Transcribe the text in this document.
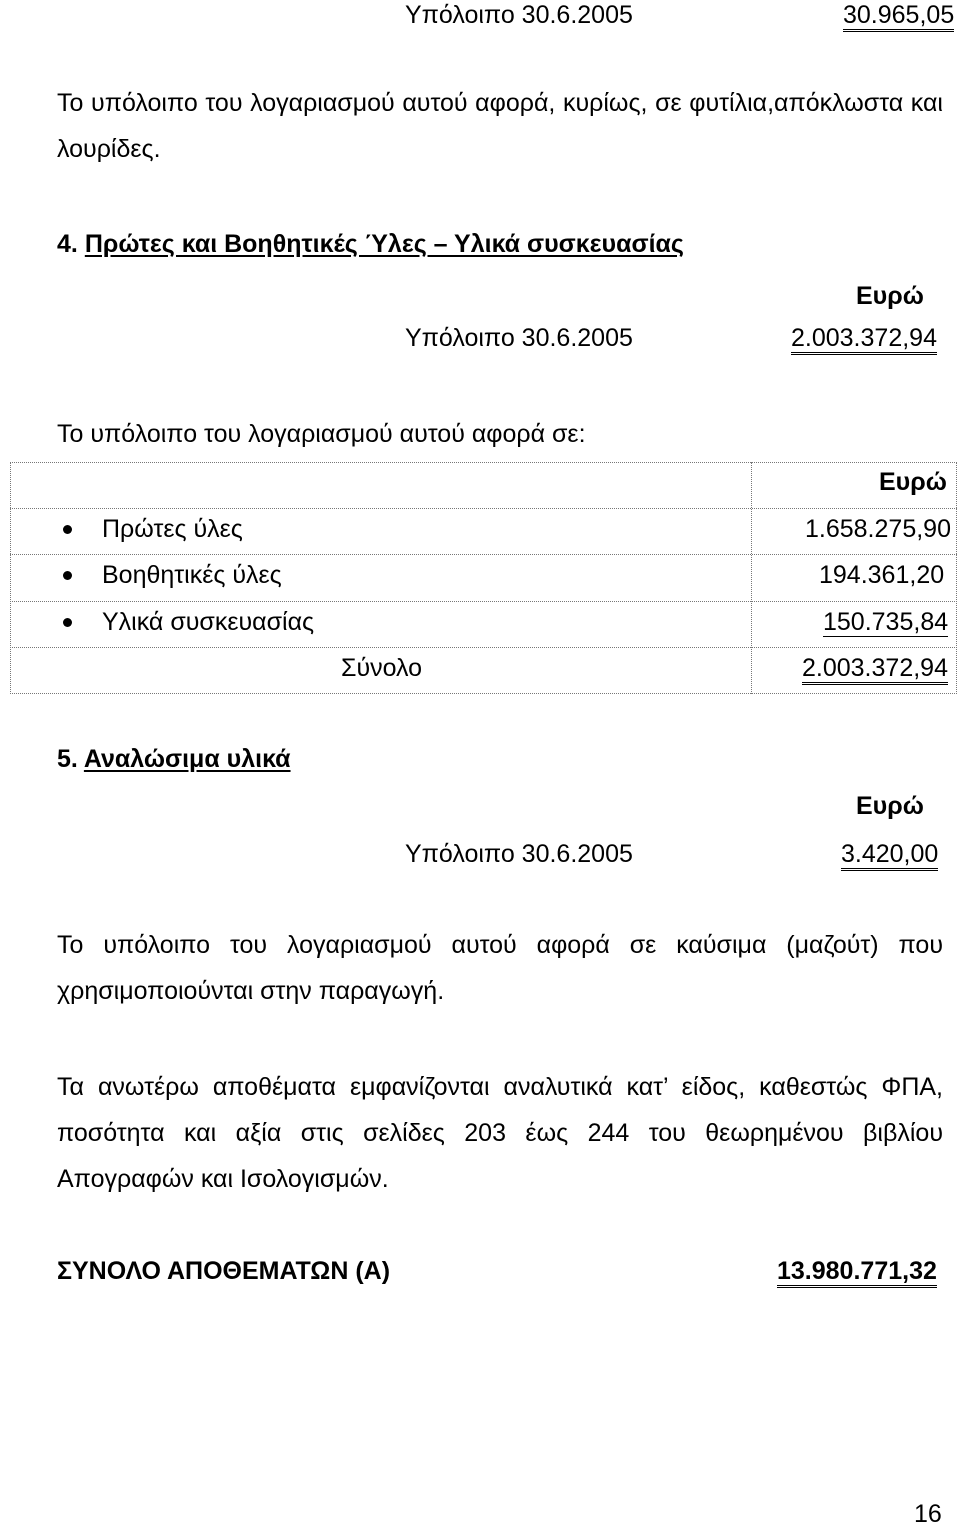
Υπόλοιπο 30.6.2005	30.965,05
Το υπόλοιπο του λογαριασμού αυτού αφορά, κυρίως, σε φυτίλια,απόκλωστα και λουρίδες.
4. Πρώτες και Βοηθητικές Ύλες – Υλικά συσκευασίας
Ευρώ
Υπόλοιπο 30.6.2005	2.003.372,94
Το υπόλοιπο του λογαριασμού αυτού αφορά σε:
Ευρώ
Πρώτες ύλες	1.658.275,90
Βοηθητικές ύλες	194.361,20
Υλικά συσκευασίας	150.735,84
Σύνολο	2.003.372,94
5. Αναλώσιμα υλικά
Ευρώ
Υπόλοιπο 30.6.2005	3.420,00
Το υπόλοιπο του λογαριασμού αυτού αφορά σε καύσιμα (μαζούτ) που χρησιμοποιούνται στην παραγωγή.
Τα ανωτέρω αποθέματα εμφανίζονται αναλυτικά κατ’ είδος, καθεστώς ΦΠΑ, ποσότητα και αξία στις σελίδες 203 έως 244 του θεωρημένου βιβλίου Απογραφών και Ισολογισμών.
ΣΥΝΟΛΟ ΑΠΟΘΕΜΑΤΩΝ (Α)	13.980.771,32
16
